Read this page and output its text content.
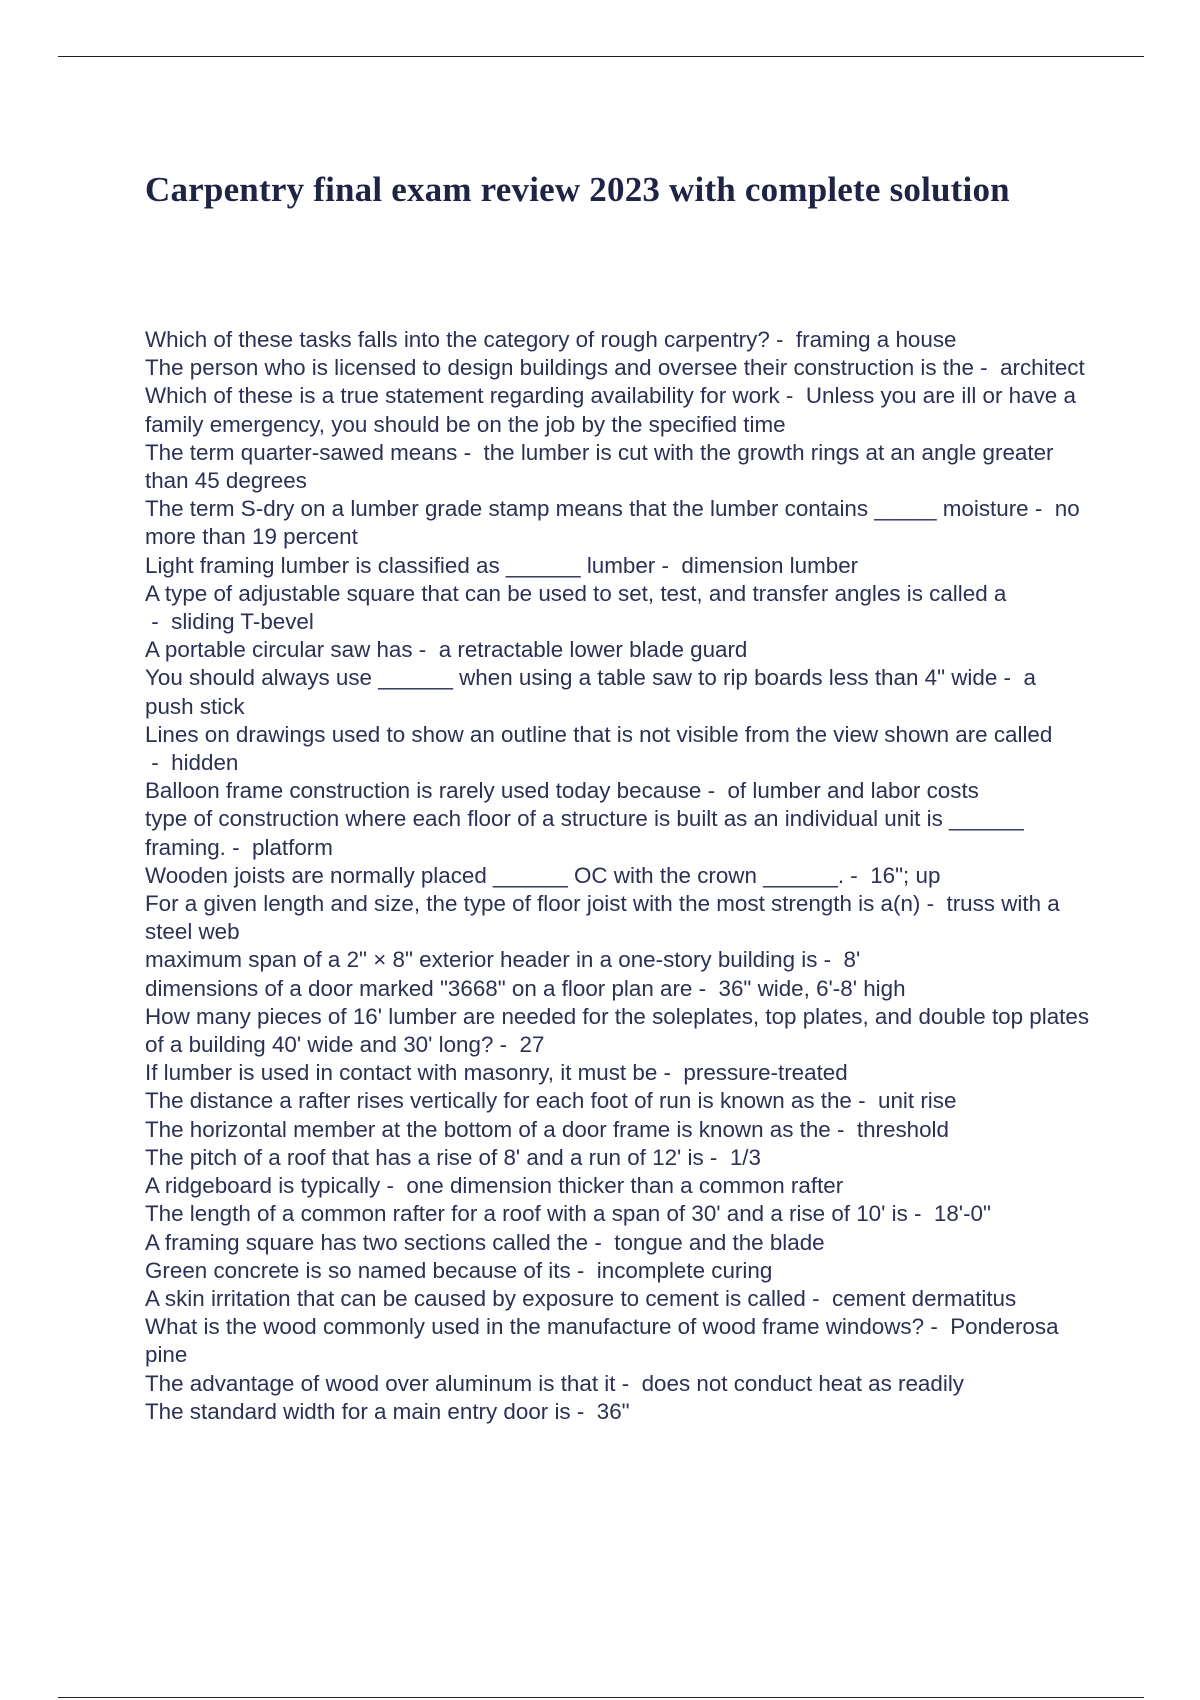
Carpentry final exam review 2023 with complete solution
Which of these tasks falls into the category of rough carpentry? -  framing a house
The person who is licensed to design buildings and oversee their construction is the -  architect
Which of these is a true statement regarding availability for work -  Unless you are ill or have a family emergency, you should be on the job by the specified time
The term quarter-sawed means -  the lumber is cut with the growth rings at an angle greater than 45 degrees
The term S-dry on a lumber grade stamp means that the lumber contains _____ moisture -  no more than 19 percent
Light framing lumber is classified as ______ lumber -  dimension lumber
A type of adjustable square that can be used to set, test, and transfer angles is called a -  sliding T-bevel
A portable circular saw has -  a retractable lower blade guard
You should always use ______ when using a table saw to rip boards less than 4" wide -  a push stick
Lines on drawings used to show an outline that is not visible from the view shown are called -  hidden
Balloon frame construction is rarely used today because -  of lumber and labor costs
type of construction where each floor of a structure is built as an individual unit is ______ framing. -  platform
Wooden joists are normally placed ______ OC with the crown ______. -  16"; up
For a given length and size, the type of floor joist with the most strength is a(n) -  truss with a steel web
maximum span of a 2" × 8" exterior header in a one-story building is -  8'
dimensions of a door marked "3668" on a floor plan are -  36" wide, 6'-8' high
How many pieces of 16' lumber are needed for the soleplates, top plates, and double top plates of a building 40' wide and 30' long? -  27
If lumber is used in contact with masonry, it must be -  pressure-treated
The distance a rafter rises vertically for each foot of run is known as the -  unit rise
The horizontal member at the bottom of a door frame is known as the -  threshold
The pitch of a roof that has a rise of 8' and a run of 12' is -  1/3
A ridgeboard is typically -  one dimension thicker than a common rafter
The length of a common rafter for a roof with a span of 30' and a rise of 10' is -  18'-0"
A framing square has two sections called the -  tongue and the blade
Green concrete is so named because of its -  incomplete curing
A skin irritation that can be caused by exposure to cement is called -  cement dermatitus
What is the wood commonly used in the manufacture of wood frame windows? -  Ponderosa pine
The advantage of wood over aluminum is that it -  does not conduct heat as readily
The standard width for a main entry door is -  36"
